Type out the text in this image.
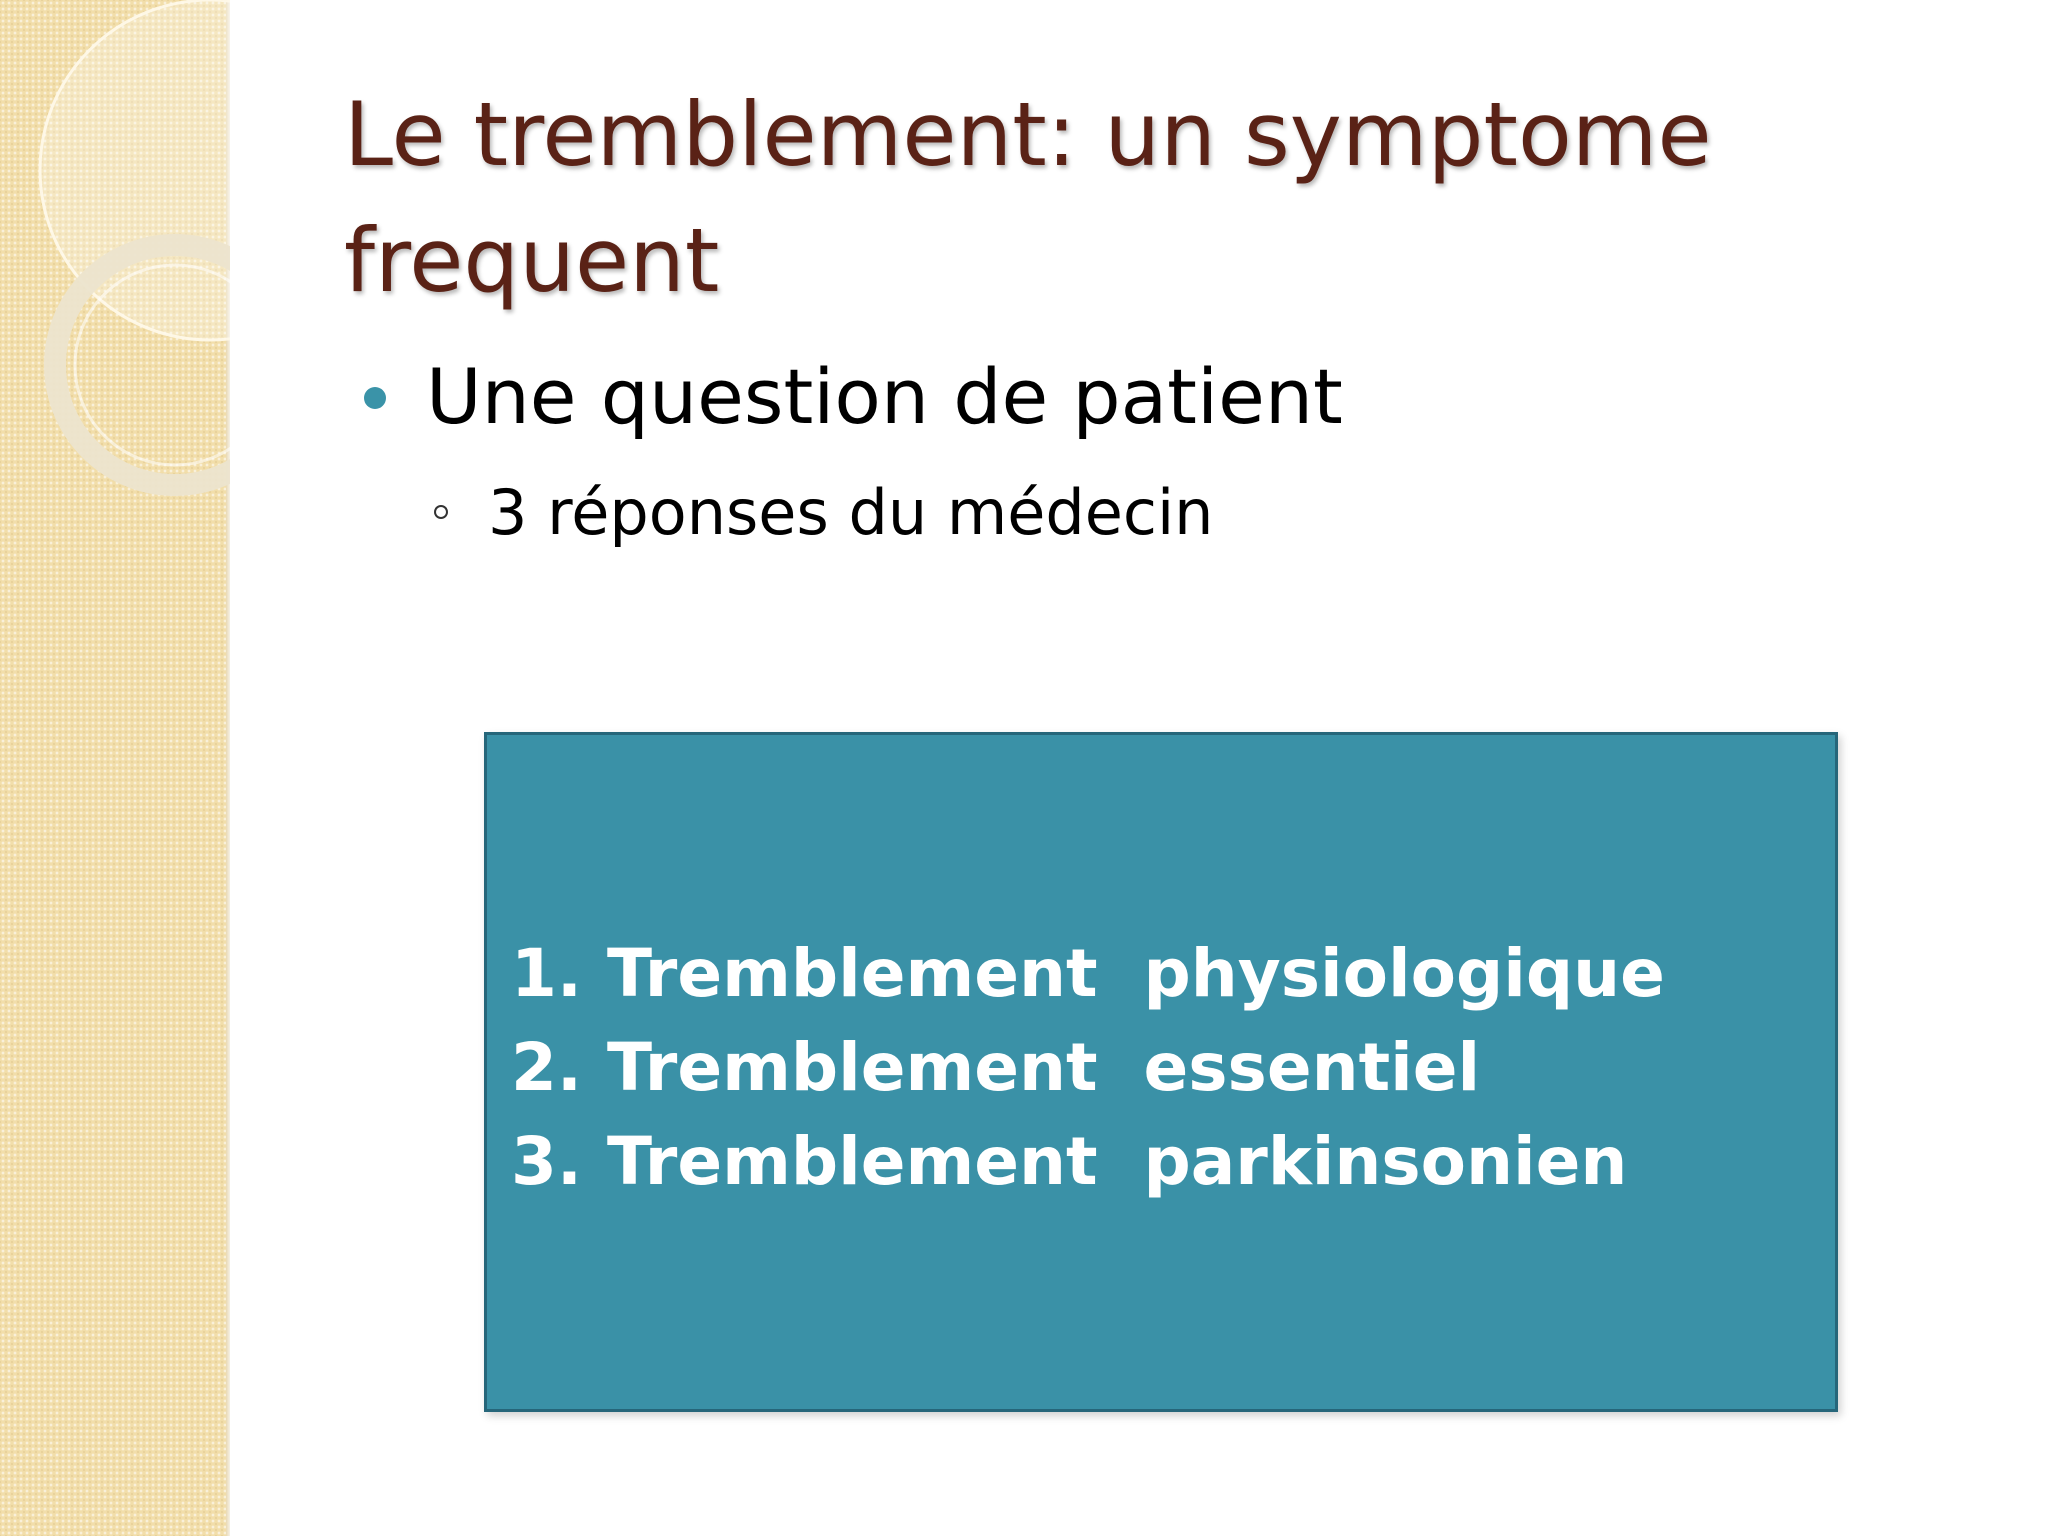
Le tremblement: un symptome frequent
Une question de patient
3 réponses du médecin
1. Tremblement  physiologique
2. Tremblement  essentiel
3. Tremblement  parkinsonien
